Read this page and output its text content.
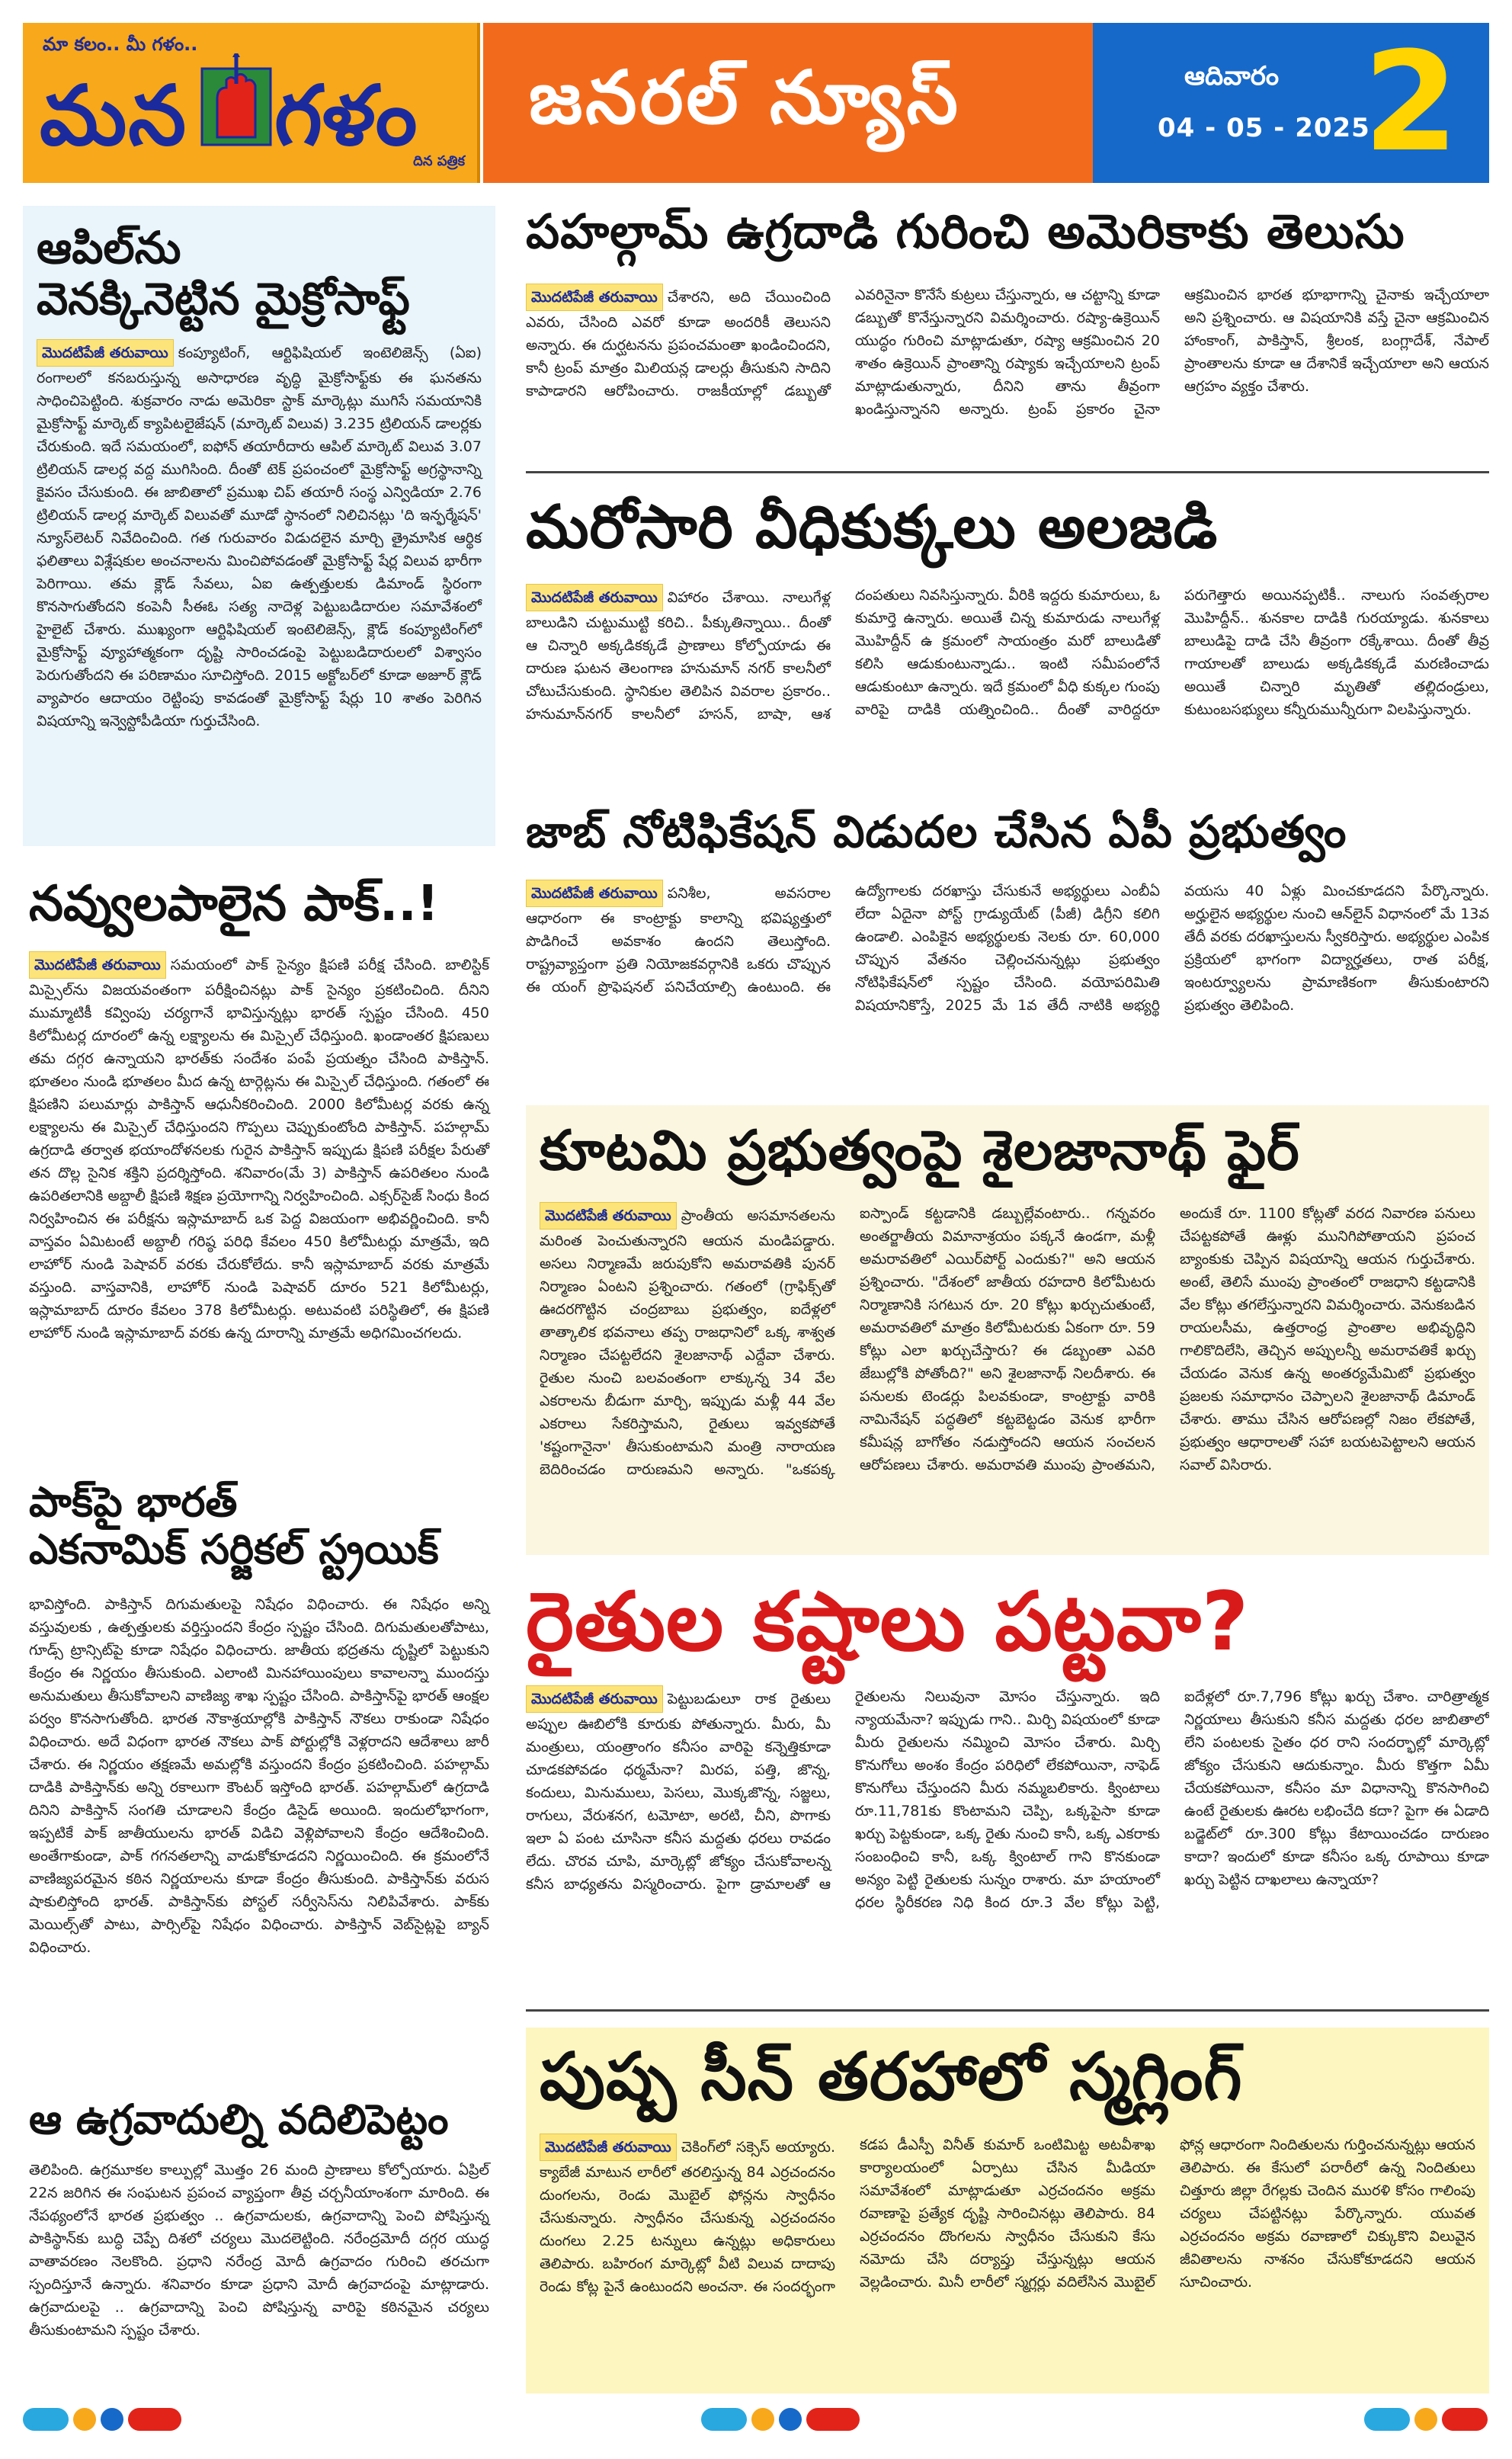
మా కలం.. మీ గళం..
మన గళం
దిన పత్రిక
జనరల్ న్యూస్	ఆదివారం
04 - 05 - 2025
2
ఆపిల్‌ను
వెనక్కినెట్టిన మైక్రోసాఫ్ట్
మొదటిపేజీ తరువాయి కంప్యూటింగ్, ఆర్టిఫిషియల్ ఇంటెలిజెన్స్ (ఏఐ) రంగాలలో కనబరుస్తున్న అసాధారణ వృద్ధి మైక్రోసాఫ్ట్‌కు ఈ ఘనతను సాధించిపెట్టింది. శుక్రవారం నాడు అమెరికా స్టాక్ మార్కెట్లు ముగిసే సమయానికి మైక్రోసాఫ్ట్ మార్కెట్ క్యాపిటలైజేషన్ (మార్కెట్ విలువ) 3.235 ట్రిలియన్ డాలర్లకు చేరుకుంది. ఇదే సమయంలో, ఐఫోన్ తయారీదారు ఆపిల్ మార్కెట్ విలువ 3.07 ట్రిలియన్ డాలర్ల వద్ద ముగిసింది. దీంతో టెక్ ప్రపంచంలో మైక్రోసాఫ్ట్ అగ్రస్థానాన్ని కైవసం చేసుకుంది. ఈ జాబితాలో ప్రముఖ చిప్ తయారీ సంస్థ ఎన్విడియా 2.76 ట్రిలియన్ డాలర్ల మార్కెట్ విలువతో మూడో స్థానంలో నిలిచినట్లు 'ది ఇన్ఫర్మేషన్' న్యూస్‌లెటర్ నివేదించింది. గత గురువారం విడుదలైన మార్చి త్రైమాసిక ఆర్థిక ఫలితాలు విశ్లేషకుల అంచనాలను మించిపోవడంతో మైక్రోసాఫ్ట్ షేర్ల విలువ భారీగా పెరిగాయి. తమ క్లౌడ్ సేవలు, ఏఐ ఉత్పత్తులకు డిమాండ్ స్థిరంగా కొనసాగుతోందని కంపెనీ సీఈఓ సత్య నాదెళ్ల పెట్టుబడిదారుల సమావేశంలో హైలైట్ చేశారు. ముఖ్యంగా ఆర్టిఫిషియల్ ఇంటెలిజెన్స్, క్లౌడ్ కంప్యూటింగ్‌లో మైక్రోసాఫ్ట్ వ్యూహాత్మకంగా దృష్టి సారించడంపై పెట్టుబడిదారులలో విశ్వాసం పెరుగుతోందని ఈ పరిణామం సూచిస్తోంది. 2015 అక్టోబర్‌లో కూడా అజూర్ క్లౌడ్ వ్యాపారం ఆదాయం రెట్టింపు కావడంతో మైక్రోసాఫ్ట్ షేర్లు 10 శాతం పెరిగిన విషయాన్ని ఇన్వెస్టోపీడియా గుర్తుచేసింది.
నవ్వులపాలైన పాక్..!
మొదటిపేజీ తరువాయి సమయంలో పాక్ సైన్యం క్షిపణి పరీక్ష చేసింది. బాలిస్టిక్ మిస్సైల్‌ను విజయవంతంగా పరీక్షించినట్లు పాక్ సైన్యం ప్రకటించింది. దీనిని ముమ్మాటికీ కవ్వింపు చర్యగానే భావిస్తున్నట్లు భారత్ స్పష్టం చేసింది. 450 కిలోమీటర్ల దూరంలో ఉన్న లక్ష్యాలను ఈ మిస్సైల్ చేధిస్తుంది. ఖండాంతర క్షిపణులు తమ దగ్గర ఉన్నాయని భారత్‌కు సందేశం పంపే ప్రయత్నం చేసింది పాకిస్తాన్. భూతలం నుండి భూతలం మీద ఉన్న టార్గెట్లను ఈ మిస్సైల్ చేధిస్తుంది. గతంలో ఈ క్షిపణిని పలుమార్లు పాకిస్తాన్ ఆధునీకరించింది. 2000 కిలోమీటర్ల వరకు ఉన్న లక్ష్యాలను ఈ మిస్సైల్ చేధిస్తుందని గొప్పలు చెప్పుకుంటోంది పాకిస్తాన్. పహల్గామ్ ఉగ్రదాడి తర్వాత భయాందోళనలకు గురైన పాకిస్తాన్ ఇప్పుడు క్షిపణి పరీక్షల పేరుతో తన దొల్ల సైనిక శక్తిని ప్రదర్శిస్తోంది. శనివారం(మే 3) పాకిస్తాన్ ఉపరితలం నుండి ఉపరితలానికి అబ్దాలీ క్షిపణి శిక్షణ ప్రయోగాన్ని నిర్వహించింది. ఎక్సర్‌సైజ్ సింధు కింద నిర్వహించిన ఈ పరీక్షను ఇస్లామాబాద్ ఒక పెద్ద విజయంగా అభివర్ణించింది. కానీ వాస్తవం ఏమిటంటే అబ్దాలీ గరిష్ఠ పరిధి కేవలం 450 కిలోమీటర్లు మాత్రమే, ఇది లాహోర్ నుండి పెషావర్ వరకు చేరుకోలేదు. కానీ ఇస్లామాబాద్ వరకు మాత్రమే వస్తుంది. వాస్తవానికి, లాహోర్ నుండి పెషావర్ దూరం 521 కిలోమీటర్లు, ఇస్లామాబాద్ దూరం కేవలం 378 కిలోమీటర్లు. అటువంటి పరిస్థితిలో, ఈ క్షిపణి లాహోర్ నుండి ఇస్లామాబాద్ వరకు ఉన్న దూరాన్ని మాత్రమే అధిగమించగలదు.
పాక్‌పై భారత్
ఎకనామిక్ సర్జికల్ స్ట్రయిక్
భావిస్తోంది. పాకిస్తాన్ దిగుమతులపై నిషేధం విధించారు. ఈ నిషేధం అన్ని వస్తువులకు , ఉత్పత్తులకు వర్తిస్తుందని కేంద్రం స్పష్టం చేసింది. దిగుమతులతోపాటు, గూడ్స్ ట్రాన్సిట్‌పై కూడా నిషేధం విధించారు. జాతీయ భద్రతను దృష్టిలో పెట్టుకుని కేంద్రం ఈ నిర్ణయం తీసుకుంది. ఎలాంటి మినహాయింపులు కావాలన్నా ముందస్తు అనుమతులు తీసుకోవాలని వాణిజ్య శాఖ స్పష్టం చేసింది. పాకిస్తాన్‌పై భారత్ ఆంక్షల పర్వం కొనసాగుతోంది. భారత నౌకాశ్రయాల్లోకి పాకిస్తాన్ నౌకలు రాకుండా నిషేధం విధించారు. అదే విధంగా భారత నౌకలు పాక్ పోర్టుల్లోకి వెళ్లరాదని ఆదేశాలు జారీ చేశారు. ఈ నిర్ణయం తక్షణమే అమల్లోకి వస్తుందని కేంద్రం ప్రకటించింది. పహల్గామ్ దాడికి పాకిస్తాన్‌కు అన్ని రకాలుగా కౌంటర్ ఇస్తోంది భారత్. పహల్గామ్‌లో ఉగ్రదాడి దినిని పాకిస్తాన్ సంగతి చూడాలని కేంద్రం డిసైడ్ అయింది. ఇందులోభాగంగా, ఇప్పటికే పాక్ జాతీయులను భారత్ విడిచి వెళ్లిపోవాలని కేంద్రం ఆదేశించింది. అంతేగాకుండా, పాక్ గగనతలాన్ని వాడుకోకూడదని నిర్ణయించింది. ఈ క్రమంలోనే వాణిజ్యపరమైన కఠిన నిర్ణయాలను కూడా కేంద్రం తీసుకుంది. పాకిస్తాన్‌కు వరుస షాకులిస్తోంది భారత్. పాకిస్తాన్‌కు పోస్టల్ సర్వీసెస్‌ను నిలిపివేశారు. పాక్‌కు మెయిల్స్‌తో పాటు, పార్సిల్‌పై నిషేధం విధించారు. పాకిస్తాన్ వెబ్‌సైట్లపై బ్యాన్ విధించారు.
ఆ ఉగ్రవాదుల్ని వదిలిపెట్టం
తెలిపింది. ఉగ్రమూకల కాల్పుల్లో మొత్తం 26 మంది ప్రాణాలు కోల్పోయారు. ఏప్రిల్ 22న జరిగిన ఈ సంఘటన ప్రపంచ వ్యాప్తంగా తీవ్ర చర్చనీయాంశంగా మారింది. ఈ నేపథ్యంలోనే భారత ప్రభుత్వం .. ఉగ్రవాదులకు, ఉగ్రవాదాన్ని పెంచి పోషిస్తున్న పాకిస్థాన్‌కు బుద్ధి చెప్పే దిశలో చర్యలు మొదలెట్టింది. నరేంద్రమోదీ దగ్గర యుద్ధ వాతావరణం నెలకొంది. ప్రధాని నరేంద్ర మోదీ ఉగ్రవాదం గురించి తరచుగా స్పందిస్తూనే ఉన్నారు. శనివారం కూడా ప్రధాని మోదీ ఉగ్రవాదంపై మాట్లాడారు. ఉగ్రవాదులపై .. ఉగ్రవాదాన్ని పెంచి పోషిస్తున్న వారిపై కఠినమైన చర్యలు తీసుకుంటామని స్పష్టం చేశారు.
పహల్గామ్ ఉగ్రదాడి గురించి అమెరికాకు తెలుసు
మొదటిపేజీ తరువాయి చేశారని, అది చేయించింది ఎవరు, చేసింది ఎవరో కూడా అందరికీ తెలుసని అన్నారు. ఈ దుర్ఘటనను ప్రపంచమంతా ఖండించిందని, కానీ ట్రంప్ మాత్రం మిలియన్ల డాలర్లు తీసుకుని సాదిని కాపాడారని ఆరోపించారు. రాజకీయాల్లో డబ్బుతో ఎవరినైనా కొనేసే కుట్రలు చేస్తున్నారు, ఆ చట్టాన్ని కూడా డబ్బుతో కొనేస్తున్నారని విమర్శించారు. రష్యా-ఉక్రెయిన్ యుద్ధం గురించి మాట్లాడుతూ, రష్యా ఆక్రమించిన 20 శాతం ఉక్రెయిన్ ప్రాంతాన్ని రష్యాకు ఇచ్చేయాలని ట్రంప్ మాట్లాడుతున్నారు, దీనిని తాను తీవ్రంగా ఖండిస్తున్నానని అన్నారు. ట్రంప్ ప్రకారం చైనా ఆక్రమించిన భారత భూభాగాన్ని చైనాకు ఇచ్చేయాలా అని ప్రశ్నించారు. ఆ విషయానికి వస్తే చైనా ఆక్రమించిన హాంకాంగ్, పాకిస్తాన్, శ్రీలంక, బంగ్లాదేశ్, నేపాల్ ప్రాంతాలను కూడా ఆ దేశానికే ఇచ్చేయాలా అని ఆయన ఆగ్రహం వ్యక్తం చేశారు.
మరోసారి వీధికుక్కలు అలజడి
మొదటిపేజీ తరువాయి విహారం చేశాయి. నాలుగేళ్ల బాలుడిని చుట్టుముట్టి కరిచి.. పీక్కుతిన్నాయి.. దీంతో ఆ చిన్నారి అక్కడికక్కడే ప్రాణాలు కోల్పోయాడు ఈ దారుణ ఘటన తెలంగాణ హనుమాన్ నగర్ కాలనీలో చోటుచేసుకుంది. స్థానికుల తెలిపిన వివరాల ప్రకారం.. హనుమాన్‌నగర్ కాలనీలో హసన్, బాషా, ఆశ దంపతులు నివసిస్తున్నారు. వీరికి ఇద్దరు కుమారులు, ఓ కుమార్తె ఉన్నారు. అయితే చిన్న కుమారుడు నాలుగేళ్ల మొహిద్దీన్ ఉ క్రమంలో సాయంత్రం మరో బాలుడితో కలిసి ఆడుకుంటున్నాడు.. ఇంటి సమీపంలోనే ఆడుకుంటూ ఉన్నారు. ఇదే క్రమంలో వీధి కుక్కల గుంపు వారిపై దాడికి యత్నించింది.. దీంతో వారిద్దరూ పరుగెత్తారు అయినప్పటికీ.. నాలుగు సంవత్సరాల మొహిద్దీన్.. శునకాల దాడికి గురయ్యాడు. శునకాలు బాలుడిపై దాడి చేసి తీవ్రంగా రక్కేశాయి. దీంతో తీవ్ర గాయాలతో బాలుడు అక్కడికక్కడే మరణించాడు అయితే చిన్నారి మృతితో తల్లిదండ్రులు, కుటుంబసభ్యులు కన్నీరుమున్నీరుగా విలపిస్తున్నారు.
జాబ్ నోటిఫికేషన్ విడుదల చేసిన ఏపీ ప్రభుత్వం
మొదటిపేజీ తరువాయి పనిశీల, అవసరాల ఆధారంగా ఈ కాంట్రాక్టు కాలాన్ని భవిష్యత్తులో పొడిగించే అవకాశం ఉందని తెలుస్తోంది. రాష్ట్రవ్యాప్తంగా ప్రతి నియోజకవర్గానికి ఒకరు చొప్పున ఈ యంగ్ ప్రొఫెషనల్ పనిచేయాల్సి ఉంటుంది. ఈ ఉద్యోగాలకు దరఖాస్తు చేసుకునే అభ్యర్థులు ఎంబీఏ లేదా ఏదైనా పోస్ట్ గ్రాడ్యుయేట్ (పీజీ) డిగ్రీని కలిగి ఉండాలి. ఎంపికైన అభ్యర్థులకు నెలకు రూ. 60,000 చొప్పున వేతనం చెల్లించనున్నట్లు ప్రభుత్వం నోటిఫికేషన్‌లో స్పష్టం చేసింది. వయోపరిమితి విషయానికొస్తే, 2025 మే 1వ తేదీ నాటికి అభ్యర్థి వయసు 40 ఏళ్లు మించకూడదని పేర్కొన్నారు. అర్హులైన అభ్యర్థుల నుంచి ఆన్‌లైన్ విధానంలో మే 13వ తేదీ వరకు దరఖాస్తులను స్వీకరిస్తారు. అభ్యర్థుల ఎంపిక ప్రక్రియలో భాగంగా విద్యార్హతలు, రాత పరీక్ష, ఇంటర్వ్యూలను ప్రామాణికంగా తీసుకుంటారని ప్రభుత్వం తెలిపింది.
కూటమి ప్రభుత్వంపై శైలజానాథ్ ఫైర్
మొదటిపేజీ తరువాయి ప్రాంతీయ అసమానతలను మరింత పెంచుతున్నారని ఆయన మండిపడ్డారు. అసలు నిర్మాణమే జరుపుకోని అమరావతికి పునర్ నిర్మాణం ఏంటని ప్రశ్నించారు. గతంలో (గ్రాఫిక్స్‌తో ఊదరగొట్టిన చంద్రబాబు ప్రభుత్వం, ఐదేళ్లలో తాత్కాలిక భవనాలు తప్ప రాజధానిలో ఒక్క శాశ్వత నిర్మాణం చేపట్టలేదని శైలజానాథ్ ఎద్దేవా చేశారు. రైతుల నుంచి బలవంతంగా లాక్కున్న 34 వేల ఎకరాలను బీడుగా మార్చి, ఇప్పుడు మళ్లీ 44 వేల ఎకరాలు సేకరిస్తామని, రైతులు ఇవ్వకపోతే 'కష్టంగానైనా' తీసుకుంటామని మంత్రి నారాయణ బెదిరించడం దారుణమని అన్నారు. "ఒకపక్క ఐస్పాండ్ కట్టడానికి డబ్బుల్లేవంటారు.. గన్నవరం అంతర్జాతీయ విమానాశ్రయం పక్కనే ఉండగా, మళ్లీ అమరావతిలో ఎయిర్‌పోర్ట్ ఎందుకు?" అని ఆయన ప్రశ్నించారు. "దేశంలో జాతీయ రహదారి కిలోమీటరు నిర్మాణానికి సగటున రూ. 20 కోట్లు ఖర్చుచుతుంటే, అమరావతిలో మాత్రం కిలోమీటరుకు ఏకంగా రూ. 59 కోట్లు ఎలా ఖర్చుచేస్తారు? ఈ డబ్బంతా ఎవరి జేబుల్లోకి పోతోంది?" అని శైలజానాథ్ నిలదీశారు. ఈ పనులకు టెండర్లు పిలవకుండా, కాంట్రాక్టు వారికి నామినేషన్ పద్ధతిలో కట్టబెట్టడం వెనుక భారీగా కమీషన్ల బాగోతం నడుస్తోందని ఆయన సంచలన ఆరోపణలు చేశారు. అమరావతి ముంపు ప్రాంతమని, అందుకే రూ. 1100 కోట్లతో వరద నివారణ పనులు చేపట్టకపోతే ఊళ్లు మునిగిపోతాయని ప్రపంచ బ్యాంకుకు చెప్పిన విషయాన్ని ఆయన గుర్తుచేశారు. అంటే, తెలిసే ముంపు ప్రాంతంలో రాజధాని కట్టడానికి వేల కోట్లు తగలేస్తున్నారని విమర్శించారు. వెనుకబడిన రాయలసీమ, ఉత్తరాంధ్ర ప్రాంతాల అభివృద్ధిని గాలికొదిలేసి, తెచ్చిన అప్పులన్నీ అమరావతికే ఖర్చు చేయడం వెనుక ఉన్న అంతర్యమేమిటో ప్రభుత్వం ప్రజలకు సమాధానం చెప్పాలని శైలజానాథ్ డిమాండ్ చేశారు. తాము చేసిన ఆరోపణల్లో నిజం లేకపోతే, ప్రభుత్వం ఆధారాలతో సహా బయటపెట్టాలని ఆయన సవాల్ విసిరారు.
రైతుల కష్టాలు పట్టవా?
మొదటిపేజీ తరువాయి పెట్టుబడులూ రాక రైతులు అప్పుల ఊబిలోకి కూరుకు పోతున్నారు. మీరు, మీ మంత్రులు, యంత్రాంగం కనీసం వారిపై కన్నెత్తికూడా చూడకపోవడం ధర్మమేనా? మిరప, పత్తి, జొన్న, కందులు, మినుములు, పెసలు, మొక్కజొన్న, సజ్జలు, రాగులు, వేరుశనగ, టమోటా, అరటి, చీని, పొగాకు ఇలా ఏ పంట చూసినా కనీస మద్దతు ధరలు రావడం లేదు. చొరవ చూపి, మార్కెట్లో జోక్యం చేసుకోవాలన్న కనీస బాధ్యతను విస్మరించారు. పైగా డ్రామాలతో ఆ రైతులను నిలువునా మోసం చేస్తున్నారు. ఇది న్యాయమేనా? ఇప్పుడు గాని.. మిర్చి విషయంలో కూడా మీరు రైతులను నమ్మించి మోసం చేశారు. మిర్చి కొనుగోలు అంశం కేంద్రం పరిధిలో లేకపోయినా, నాఫెడ్ కొనుగోలు చేస్తుందని మీరు నమ్మబలికారు. క్వింటాలు రూ.11,781కు కొంటామని చెప్పి, ఒక్కపైసా కూడా ఖర్చు పెట్టకుండా, ఒక్క రైతు నుంచి కానీ, ఒక్క ఎకరాకు సంబంధించి కానీ, ఒక్క క్వింటాల్ గాని కొనకుండా అన్యం పెట్టి రైతులకు సున్నం రాశారు. మా హయాంలో ధరల స్థిరీకరణ నిధి కింద రూ.3 వేల కోట్లు పెట్టి, ఐదేళ్లలో రూ.7,796 కోట్లు ఖర్చు చేశాం. చారిత్రాత్మక నిర్ణయాలు తీసుకుని కనీస మద్దతు ధరల జాబితాలో లేని పంటలకు సైతం ధర రాని సందర్భాల్లో మార్కెట్లో జోక్యం చేసుకుని ఆదుకున్నాం. మీరు కొత్తగా ఏమీ చేయకపోయినా, కనీసం మా విధానాన్ని కొనసాగించి ఉంటే రైతులకు ఊరట లభించేది కదా? పైగా ఈ ఏడాది బడ్జెట్‌లో రూ.300 కోట్లు కేటాయించడం దారుణం కాదా? ఇందులో కూడా కనీసం ఒక్క రూపాయి కూడా ఖర్చు పెట్టిన దాఖలాలు ఉన్నాయా?
పుష్ప సీన్ తరహాలో స్మగ్లింగ్
మొదటిపేజీ తరువాయి చెకింగ్‌లో సక్సెస్ అయ్యారు. క్యాబేజీ మాటున లారీలో తరలిస్తున్న 84 ఎర్రచందనం దుంగలను, రెండు మొబైల్ ఫోన్లను స్వాధీనం చేసుకున్నారు. స్వాధీనం చేసుకున్న ఎర్రచందనం దుంగలు 2.25 టన్నులు ఉన్నట్లు అధికారులు తెలిపారు. బహిరంగ మార్కెట్లో వీటి విలువ దాదాపు రెండు కోట్ల పైనే ఉంటుందని అంచనా. ఈ సందర్భంగా కడప డీఎస్పీ వినీత్ కుమార్ ఒంటిమిట్ట అటవీశాఖ కార్యాలయంలో ఏర్పాటు చేసిన మీడియా సమావేశంలో మాట్లాడుతూ ఎర్రచందనం అక్రమ రవాణాపై ప్రత్యేక దృష్టి సారించినట్లు తెలిపారు. 84 ఎర్రచందనం దొంగలను స్వాధీనం చేసుకుని కేసు నమోదు చేసి దర్యాప్తు చేస్తున్నట్లు ఆయన వెల్లడించారు. మినీ లారీలో స్మగ్లర్లు వదిలేసిన మొబైల్ ఫోన్ల ఆధారంగా నిందితులను గుర్తించనున్నట్లు ఆయన తెలిపారు. ఈ కేసులో పరారీలో ఉన్న నిందితులు చిత్తూరు జిల్లా రేగల్లకు చెందిన మురళి కోసం గాలింపు చర్యలు చేపట్టినట్లు పేర్కొన్నారు. యువత ఎర్రచందనం అక్రమ రవాణాలో చిక్కుకొని విలువైన జీవితాలను నాశనం చేసుకోకూడదని ఆయన సూచించారు.
